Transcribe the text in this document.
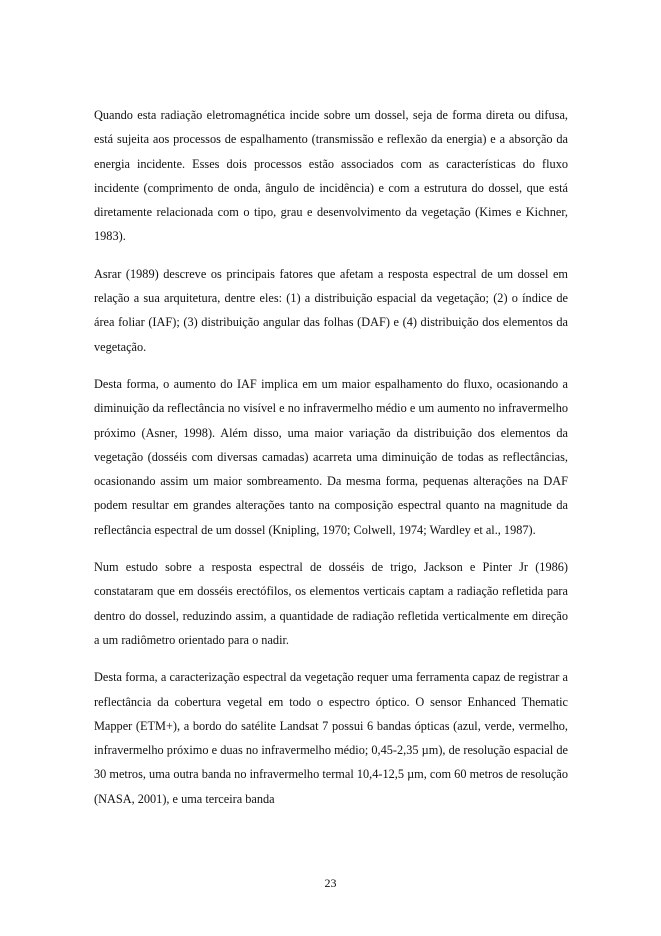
Quando esta radiação eletromagnética incide sobre um dossel, seja de forma direta ou difusa, está sujeita aos processos de espalhamento (transmissão e reflexão da energia) e a absorção da energia incidente. Esses dois processos estão associados com as características do fluxo incidente (comprimento de onda, ângulo de incidência) e com a estrutura do dossel, que está diretamente relacionada com o tipo, grau e desenvolvimento da vegetação (Kimes e Kichner, 1983).

Asrar (1989) descreve os principais fatores que afetam a resposta espectral de um dossel em relação a sua arquitetura, dentre eles: (1) a distribuição espacial da vegetação; (2) o índice de área foliar (IAF); (3) distribuição angular das folhas (DAF) e (4) distribuição dos elementos da vegetação.

Desta forma, o aumento do IAF implica em um maior espalhamento do fluxo, ocasionando a diminuição da reflectância no visível e no infravermelho médio e um aumento no infravermelho próximo (Asner, 1998). Além disso, uma maior variação da distribuição dos elementos da vegetação (dosséis com diversas camadas) acarreta uma diminuição de todas as reflectâncias, ocasionando assim um maior sombreamento. Da mesma forma, pequenas alterações na DAF podem resultar em grandes alterações tanto na composição espectral quanto na magnitude da reflectância espectral de um dossel (Knipling, 1970; Colwell, 1974; Wardley et al., 1987).

Num estudo sobre a resposta espectral de dosséis de trigo, Jackson e Pinter Jr (1986) constataram que em dosséis erectófilos, os elementos verticais captam a radiação refletida para dentro do dossel, reduzindo assim, a quantidade de radiação refletida verticalmente em direção a um radiômetro orientado para o nadir.

Desta forma, a caracterização espectral da vegetação requer uma ferramenta capaz de registrar a reflectância da cobertura vegetal em todo o espectro óptico. O sensor Enhanced Thematic Mapper (ETM+), a bordo do satélite Landsat 7 possui 6 bandas ópticas (azul, verde, vermelho, infravermelho próximo e duas no infravermelho médio; 0,45-2,35 µm), de resolução espacial de 30 metros, uma outra banda no infravermelho termal 10,4-12,5 µm, com 60 metros de resolução (NASA, 2001), e uma terceira banda

23
